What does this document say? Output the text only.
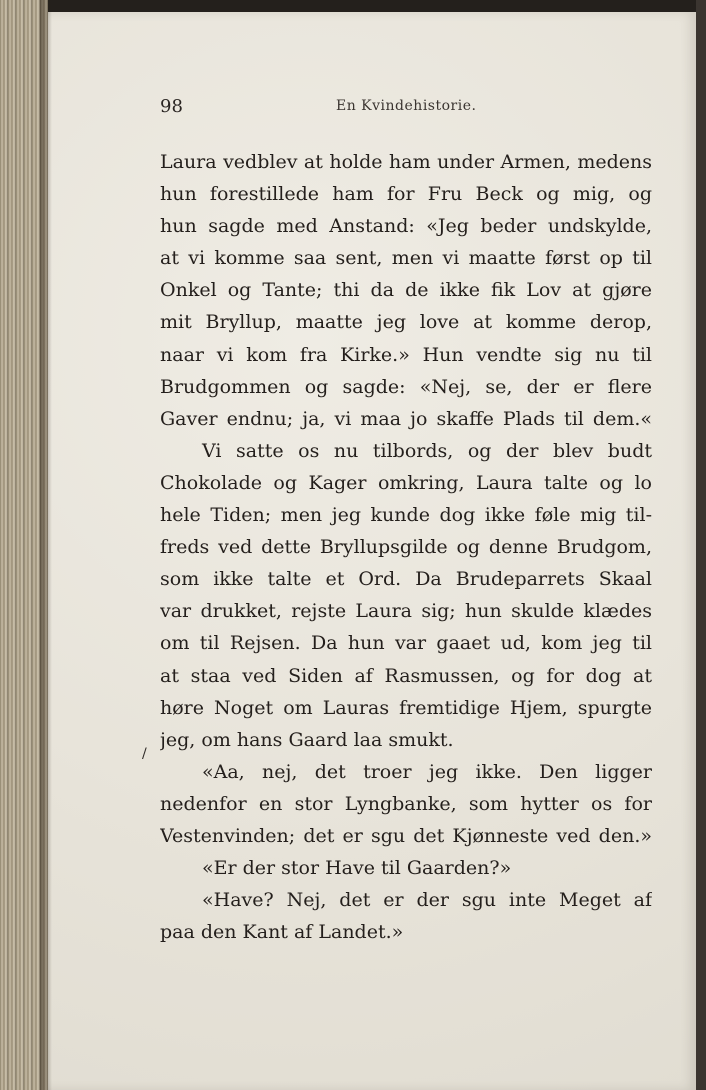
98	En Kvindehistorie.
/
Laura vedblev at holde ham under Armen, medens
hun forestillede ham for Fru Beck og mig, og
hun sagde med Anstand: «Jeg beder undskylde,
at vi komme saa sent, men vi maatte først op til
Onkel og Tante; thi da de ikke fik Lov at gjøre
mit Bryllup, maatte jeg love at komme derop,
naar vi kom fra Kirke.» Hun vendte sig nu til
Brudgommen og sagde: «Nej, se, der er flere
Gaver endnu; ja, vi maa jo skaffe Plads til dem.«
Vi satte os nu tilbords, og der blev budt
Chokolade og Kager omkring, Laura talte og lo
hele Tiden; men jeg kunde dog ikke føle mig til-
freds ved dette Bryllupsgilde og denne Brudgom,
som ikke talte et Ord. Da Brudeparrets Skaal
var drukket, rejste Laura sig; hun skulde klædes
om til Rejsen. Da hun var gaaet ud, kom jeg til
at staa ved Siden af Rasmussen, og for dog at
høre Noget om Lauras fremtidige Hjem, spurgte
jeg, om hans Gaard laa smukt.
«Aa, nej, det troer jeg ikke. Den ligger
nedenfor en stor Lyngbanke, som hytter os for
Vestenvinden; det er sgu det Kjønneste ved den.»
«Er der stor Have til Gaarden?»
«Have? Nej, det er der sgu inte Meget af
paa den Kant af Landet.»
